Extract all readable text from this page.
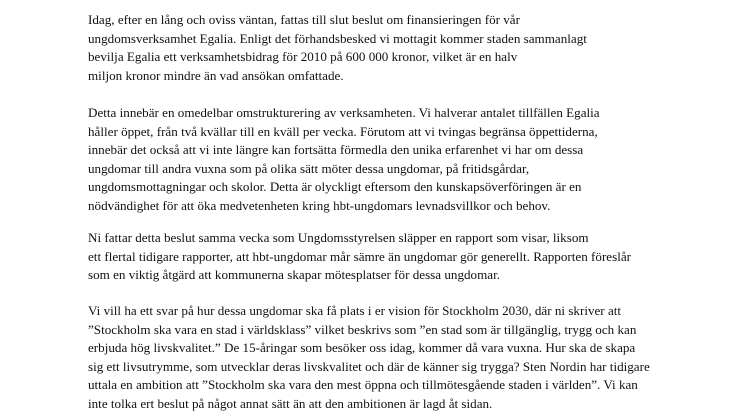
Idag, efter en lång och oviss väntan, fattas till slut beslut om finansieringen för vår
ungdomsverksamhet Egalia. Enligt det förhandsbesked vi mottagit kommer staden sammanlagt
bevilja Egalia ett verksamhetsbidrag för 2010 på 600 000 kronor, vilket är en halv
miljon kronor mindre än vad ansökan omfattade.

Detta innebär en omedelbar omstrukturering av verksamheten. Vi halverar antalet tillfällen Egalia
håller öppet, från två kvällar till en kväll per vecka. Förutom att vi tvingas begränsa öppettiderna,
innebär det också att vi inte längre kan fortsätta förmedla den unika erfarenhet vi har om dessa
ungdomar till andra vuxna som på olika sätt möter dessa ungdomar, på fritidsgårdar,
ungdomsmottagningar och skolor. Detta är olyckligt eftersom den kunskapsöverföringen är en
nödvändighet för att öka medvetenheten kring hbt-ungdomars levnadsvillkor och behov.

Ni fattar detta beslut samma vecka som Ungdomsstyrelsen släpper en rapport som visar, liksom
ett flertal tidigare rapporter, att hbt-ungdomar mår sämre än ungdomar gör generellt. Rapporten föreslår
som en viktig åtgärd att kommunerna skapar mötesplatser för dessa ungdomar.

Vi vill ha ett svar på hur dessa ungdomar ska få plats i er vision för Stockholm 2030, där ni skriver att
”Stockholm ska vara en stad i världsklass” vilket beskrivs som ”en stad som är tillgänglig, trygg och kan
erbjuda hög livskvalitet.” De 15-åringar som besöker oss idag, kommer då vara vuxna. Hur ska de skapa
sig ett livsutrymme, som utvecklar deras livskvalitet och där de känner sig trygga? Sten Nordin har tidigare
uttala en ambition att ”Stockholm ska vara den mest öppna och tillmötesgående staden i världen”. Vi kan
inte tolka ert beslut på något annat sätt än att den ambitionen är lagd åt sidan.
